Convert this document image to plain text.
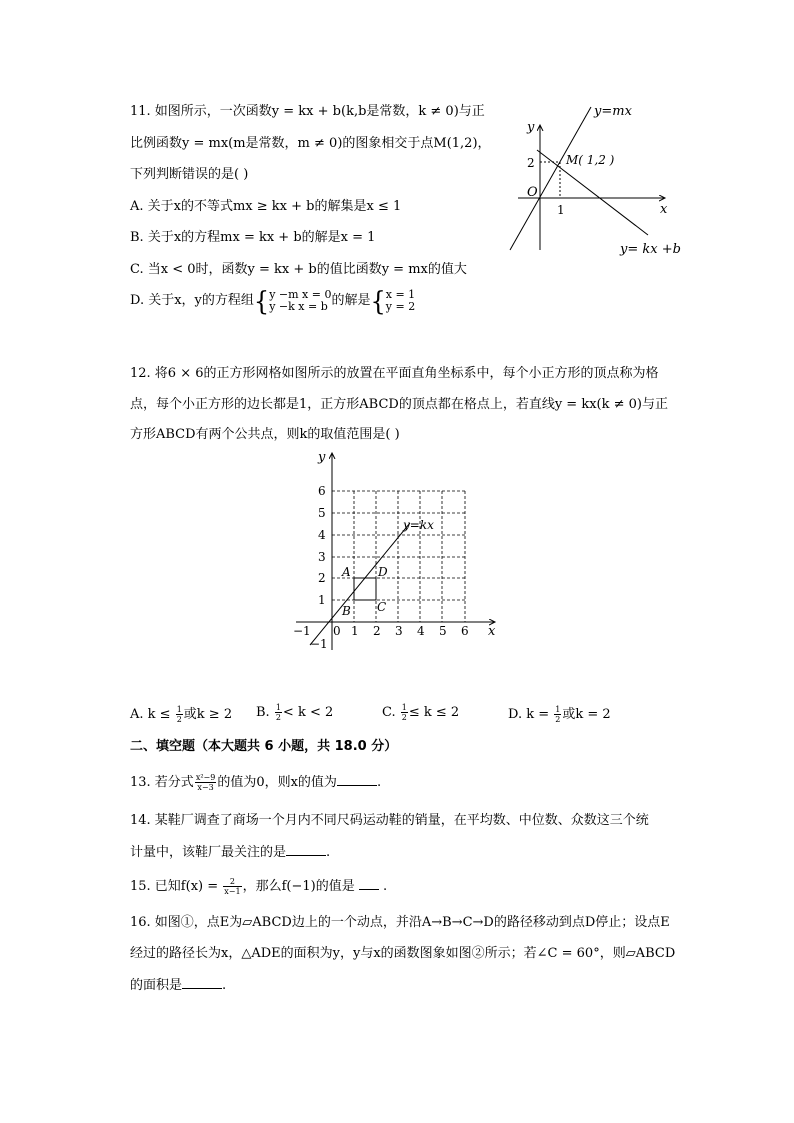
11. 如图所示，一次函数y = kx + b(k,b是常数，k ≠ 0)与正
比例函数y = mx(m是常数，m ≠ 0)的图象相交于点M(1,2)，
下列判断错误的是( )
A. 关于x的不等式mx ≥ kx + b的解集是x ≤ 1
B. 关于x的方程mx = kx + b的解是x = 1
C. 当x < 0时，函数y = kx + b的值比函数y = mx的值大
D. 关于x，y的方程组{ y −m x = 0
y −k x = b 的解是{ x = 1
y = 2
y=mx
y= kx +b
M( 1,2 )
x
y
O
1
2
12. 将6 × 6的正方形网格如图所示的放置在平面直角坐标系中，每个小正方形的顶点称为格
点，每个小正方形的边长都是1，正方形ABCD的顶点都在格点上，若直线y = kx(k ≠ 0)与正
方形ABCD有两个公共点，则k的取值范围是( )
y=kx
x
y
A
B C
D
−1 0 1 2 3 4 5 6
6
5
4
3
2
1
−1
A. $k \le \frac{1}{2}$ 或k ≥ 2 B. $\frac{1}{2} < k < 2$	C. $\frac{1}{2} \le k \le 2$	D. $k = \frac{1}{2}$ 或k = 2
二、填空题（本大题共 6 小题，共 18.0 分）
13. 若分式 $\frac{\text{x²−9}}{x-3}$ 的值为0，则x的值为	.
14. 某鞋厂调查了商场一个月内不同尺码运动鞋的销量，在平均数、中位数、众数这三个统
计量中，该鞋厂最关注的是	.
15. 已知$f(x) = \frac{2}{x-1}$ ，那么f(−1)的值是 .
16. 如图①，点E为▱ABCD边上的一个动点，并沿A→B→C→D的路径移动到点D停止；设点E
经过的路径长为x，△ADE的面积为y，y与x的函数图象如图②所示；若∠C = 60°，则▱ABCD
的面积是	.
